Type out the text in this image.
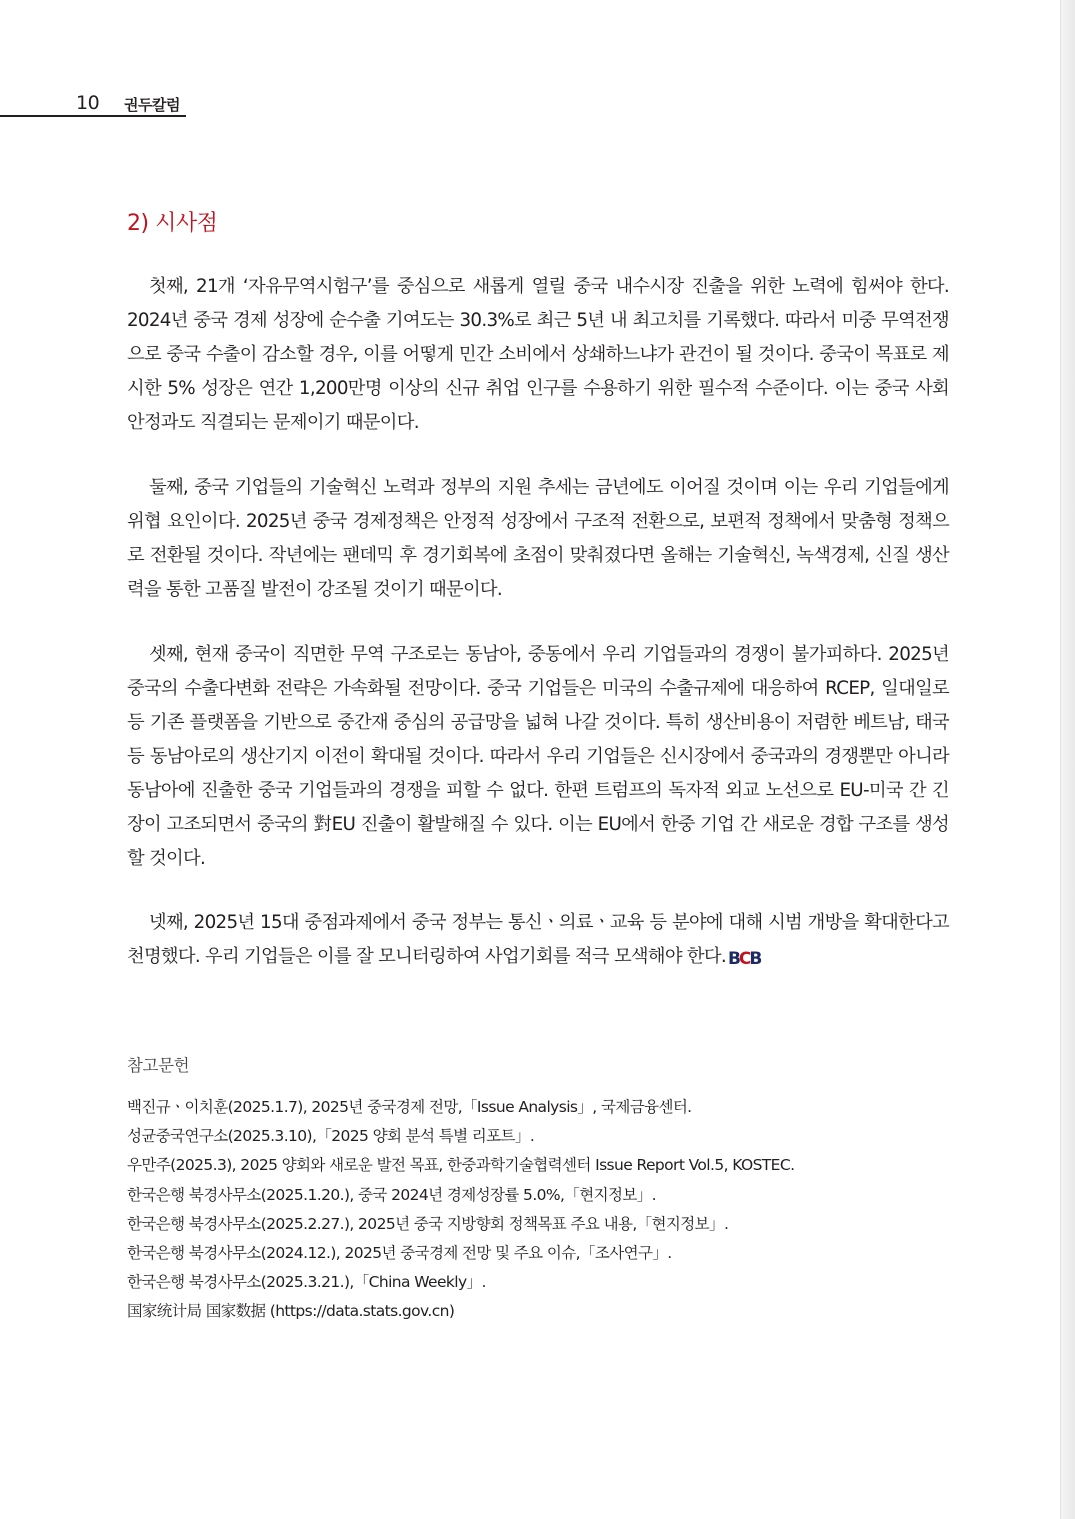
10 권두칼럼
2) 시사점

첫째, 21개 ‘자유무역시험구’를 중심으로 새롭게 열릴 중국 내수시장 진출을 위한 노력에 힘써야 한다. 2024년 중국 경제 성장에 순수출 기여도는 30.3%로 최근 5년 내 최고치를 기록했다. 따라서 미중 무역전쟁으로 중국 수출이 감소할 경우, 이를 어떻게 민간 소비에서 상쇄하느냐가 관건이 될 것이다. 중국이 목표로 제시한 5% 성장은 연간 1,200만명 이상의 신규 취업 인구를 수용하기 위한 필수적 수준이다. 이는 중국 사회 안정과도 직결되는 문제이기 때문이다.

둘째, 중국 기업들의 기술혁신 노력과 정부의 지원 추세는 금년에도 이어질 것이며 이는 우리 기업들에게 위협 요인이다. 2025년 중국 경제정책은 안정적 성장에서 구조적 전환으로, 보편적 정책에서 맞춤형 정책으로 전환될 것이다. 작년에는 팬데믹 후 경기회복에 초점이 맞춰졌다면 올해는 기술혁신, 녹색경제, 신질 생산력을 통한 고품질 발전이 강조될 것이기 때문이다.

셋째, 현재 중국이 직면한 무역 구조로는 동남아, 중동에서 우리 기업들과의 경쟁이 불가피하다. 2025년 중국의 수출다변화 전략은 가속화될 전망이다. 중국 기업들은 미국의 수출규제에 대응하여 RCEP, 일대일로 등 기존 플랫폼을 기반으로 중간재 중심의 공급망을 넓혀 나갈 것이다. 특히 생산비용이 저렴한 베트남, 태국 등 동남아로의 생산기지 이전이 확대될 것이다. 따라서 우리 기업들은 신시장에서 중국과의 경쟁뿐만 아니라 동남아에 진출한 중국 기업들과의 경쟁을 피할 수 없다. 한편 트럼프의 독자적 외교 노선으로 EU-미국 간 긴장이 고조되면서 중국의 對EU 진출이 활발해질 수 있다. 이는 EU에서 한중 기업 간 새로운 경합 구조를 생성할 것이다.

넷째, 2025년 15대 중점과제에서 중국 정부는 통신ㆍ의료ㆍ교육 등 분야에 대해 시범 개방을 확대한다고 천명했다. 우리 기업들은 이를 잘 모니터링하여 사업기회를 적극 모색해야 한다. BCB

참고문헌
백진규ㆍ이치훈(2025.1.7), 2025년 중국경제 전망,「Issue Analysis」, 국제금융센터.
성균중국연구소(2025.3.10),「2025 양회 분석 특별 리포트」.
우만주(2025.3), 2025 양회와 새로운 발전 목표, 한중과학기술협력센터 Issue Report Vol.5, KOSTEC.
한국은행 북경사무소(2025.1.20.), 중국 2024년 경제성장률 5.0%,「현지정보」.
한국은행 북경사무소(2025.2.27.), 2025년 중국 지방향회 정책목표 주요 내용,「현지정보」.
한국은행 북경사무소(2024.12.), 2025년 중국경제 전망 및 주요 이슈,「조사연구」.
한국은행 북경사무소(2025.3.21.),「China Weekly」.
国家统计局 国家数据 (https://data.stats.gov.cn)
